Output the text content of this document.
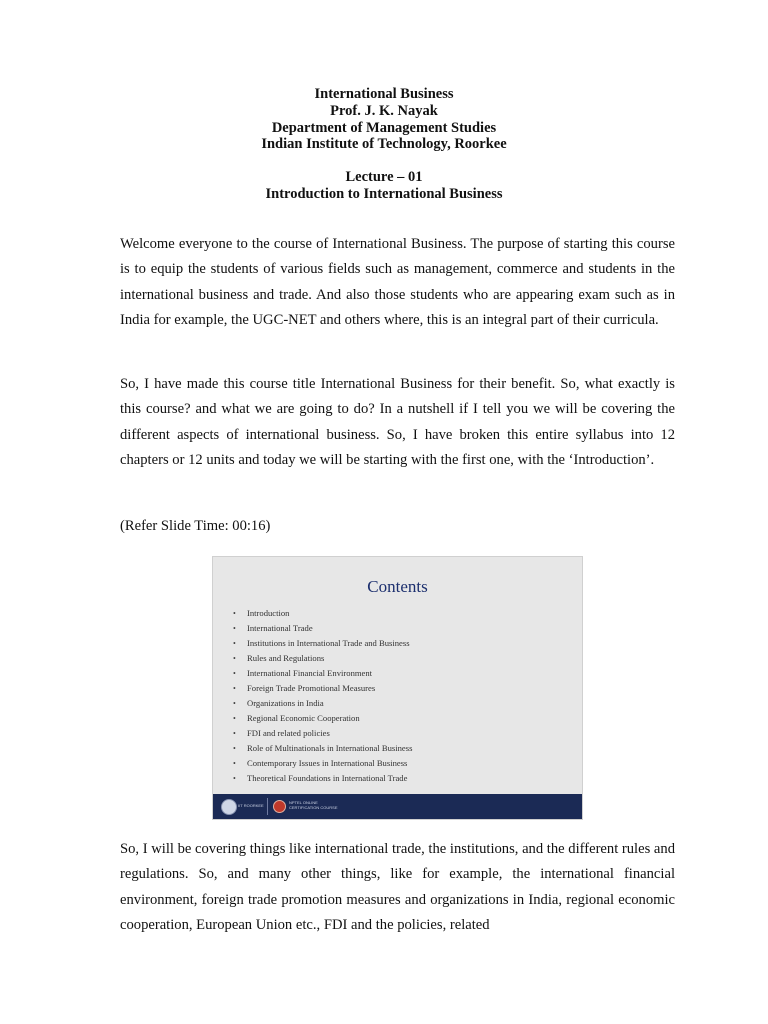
International Business
Prof. J. K. Nayak
Department of Management Studies
Indian Institute of Technology, Roorkee
Lecture – 01
Introduction to International Business

Welcome everyone to the course of International Business. The purpose of starting this course is to equip the students of various fields such as management, commerce and students in the international business and trade. And also those students who are appearing exam such as in India for example, the UGC-NET and others where, this is an integral part of their curricula.

So, I have made this course title International Business for their benefit. So, what exactly is this course? and what we are going to do? In a nutshell if I tell you we will be covering the different aspects of international business. So, I have broken this entire syllabus into 12 chapters or 12 units and today we will be starting with the first one, with the ‘Introduction’.

(Refer Slide Time: 00:16)

Contents
• Introduction
• International Trade
• Institutions in International Trade and Business
• Rules and Regulations
• International Financial Environment
• Foreign Trade Promotional Measures
• Organizations in India
• Regional Economic Cooperation
• FDI and related policies
• Role of Multinationals in International Business
• Contemporary Issues in International Business
• Theoretical Foundations in International Trade
IIT ROORKEE
NPTEL ONLINE CERTIFICATION COURSE

So, I will be covering things like international trade, the institutions, and the different rules and regulations. So, and many other things, like for example, the international financial environment, foreign trade promotion measures and organizations in India, regional economic cooperation, European Union etc., FDI and the policies, related
